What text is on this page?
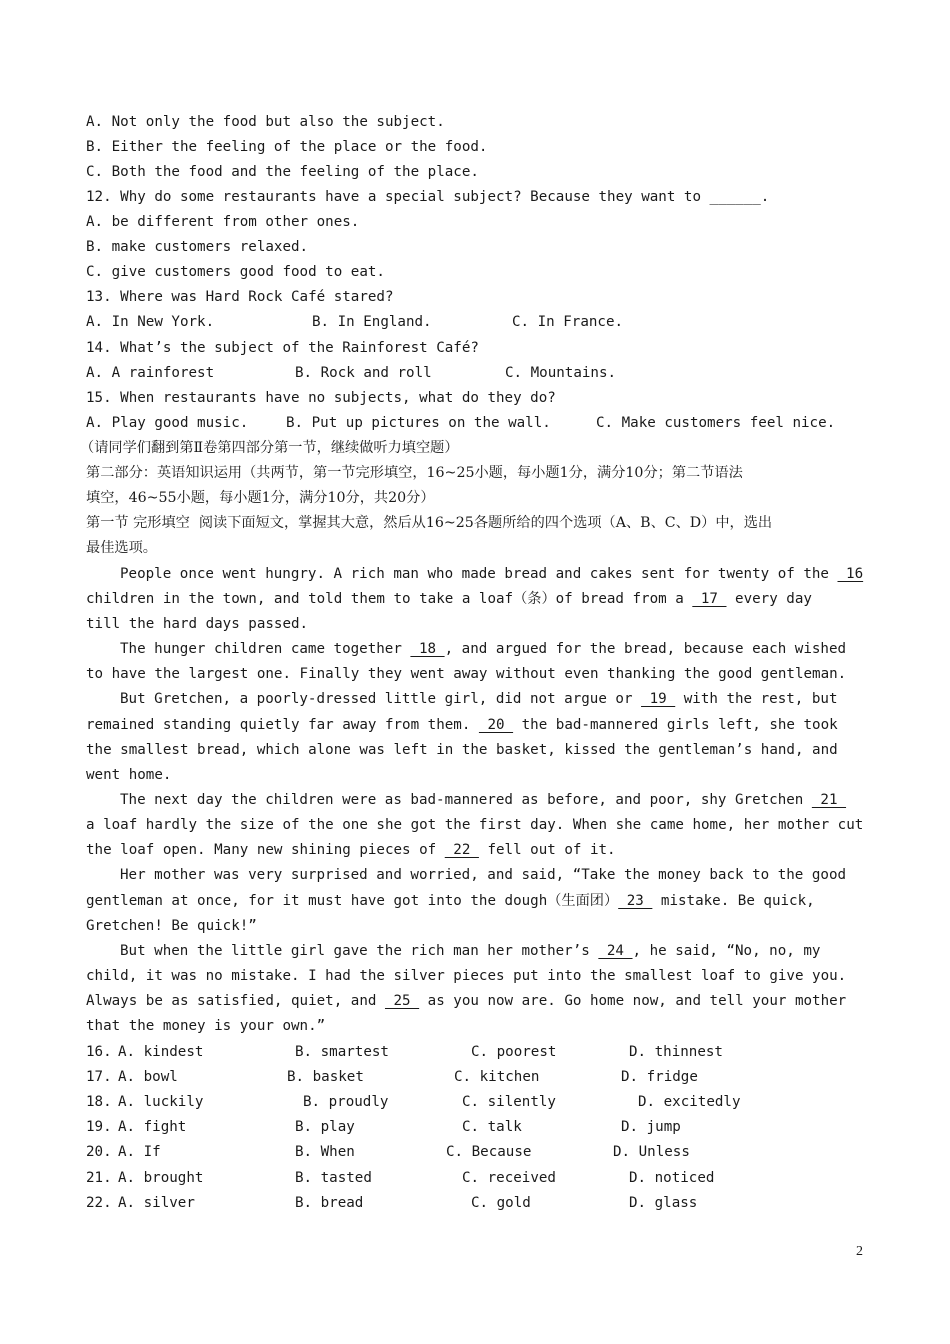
A. Not only the food but also the subject.
B. Either the feeling of the place or the food.
C. Both the food and the feeling of the place.
12. Why do some restaurants have a special subject? Because they want to ______.
A. be different from other ones.
B. make customers relaxed.
C. give customers good food to eat.
13. Where was Hard Rock Café stared?
A. In New York.	B. In England.	C. In France.
14. What’s the subject of the Rainforest Café?
A. A rainforest	B. Rock and roll	C. Mountains.
15. When restaurants have no subjects, what do they do?
A. Play good music.	B. Put up pictures on the wall.	C. Make customers feel nice.
（请同学们翻到第Ⅱ卷第四部分第一节，继续做听力填空题）
第二部分：英语知识运用（共两节，第一节完形填空，16~25小题，每小题1分，满分10分；第二节语法
填空，46~55小题，每小题1分，满分10分，共20分）
第一节 完形填空  阅读下面短文，掌握其大意，然后从16~25各题所给的四个选项（A、B、C、D）中，选出
最佳选项。
People once went hungry. A rich man who made bread and cakes sent for twenty of the  16
children in the town, and told them to take a loaf（条）of bread from a  17  every day
till the hard days passed.
The hunger children came together  18 , and argued for the bread, because each wished
to have the largest one. Finally they went away without even thanking the good gentleman.
But Gretchen, a poorly-dressed little girl, did not argue or  19  with the rest, but
remained standing quietly far away from them.  20  the bad-mannered girls left, she took
the smallest bread, which alone was left in the basket, kissed the gentleman’s hand, and
went home.
The next day the children were as bad-mannered as before, and poor, shy Gretchen  21
a loaf hardly the size of the one she got the first day. When she came home, her mother cut
the loaf open. Many new shining pieces of  22  fell out of it.
Her mother was very surprised and worried, and said, “Take the money back to the good
gentleman at once, for it must have got into the dough（生面团） 23  mistake. Be quick,
Gretchen! Be quick!”
But when the little girl gave the rich man her mother’s  24 , he said, “No, no, my
child, it was no mistake. I had the silver pieces put into the smallest loaf to give you.
Always be as satisfied, quiet, and  25  as you now are. Go home now, and tell your mother
that the money is your own.”
16. A. kindest	B. smartest	C. poorest	D. thinnest
17. A. bowl	B. basket	C. kitchen	D. fridge
18. A. luckily	B. proudly	C. silently	D. excitedly
19. A. fight	B. play	C. talk	D. jump
20. A. If	B. When	C. Because	D. Unless
21. A. brought	B. tasted	C. received	D. noticed
22. A. silver	B. bread	C. gold	D. glass
2
